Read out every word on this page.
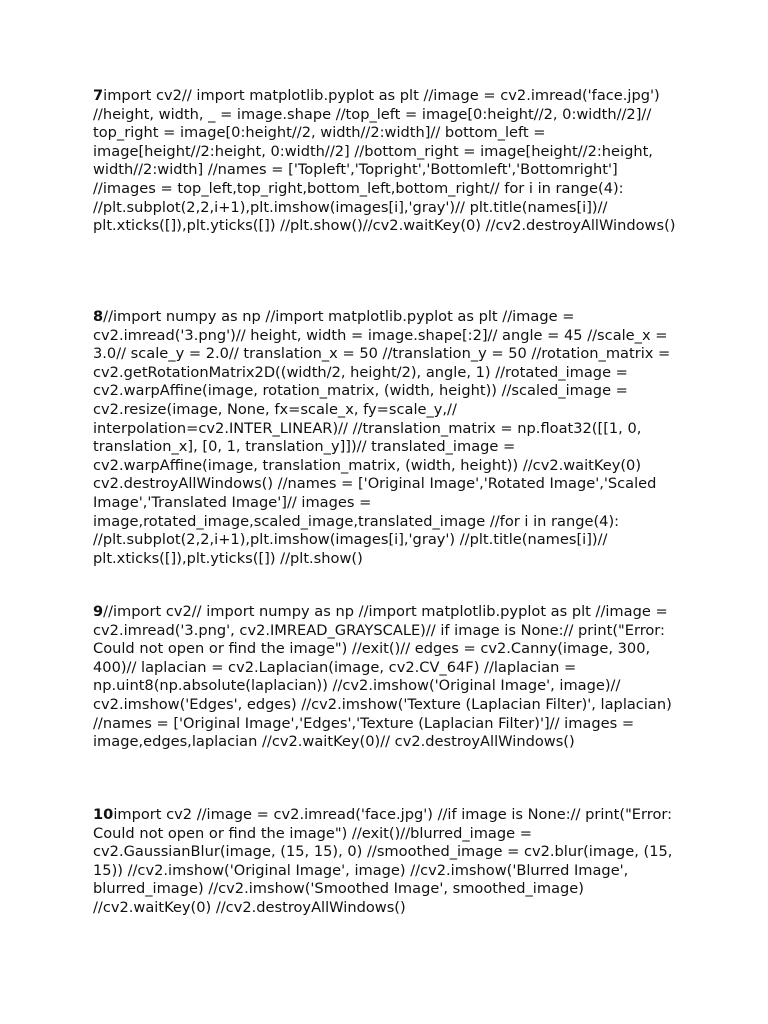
7import cv2// import matplotlib.pyplot as plt //image = cv2.imread('face.jpg') //height, width, _ = image.shape //top_left = image[0:height//2, 0:width//2]// top_right = image[0:height//2, width//2:width]// bottom_left = image[height//2:height, 0:width//2] //bottom_right = image[height//2:height, width//2:width] //names = ['Topleft','Topright','Bottomleft','Bottomright'] //images = top_left,top_right,bottom_left,bottom_right// for i in range(4): //plt.subplot(2,2,i+1),plt.imshow(images[i],'gray')// plt.title(names[i])// plt.xticks([]),plt.yticks([]) //plt.show()//cv2.waitKey(0) //cv2.destroyAllWindows()

8//import numpy as np //import matplotlib.pyplot as plt //image = cv2.imread('3.png')// height, width = image.shape[:2]// angle = 45 //scale_x = 3.0// scale_y = 2.0// translation_x = 50 //translation_y = 50 //rotation_matrix = cv2.getRotationMatrix2D((width/2, height/2), angle, 1) //rotated_image = cv2.warpAffine(image, rotation_matrix, (width, height)) //scaled_image = cv2.resize(image, None, fx=scale_x, fy=scale_y,// interpolation=cv2.INTER_LINEAR)// //translation_matrix = np.float32([[1, 0, translation_x], [0, 1, translation_y]])// translated_image = cv2.warpAffine(image, translation_matrix, (width, height)) //cv2.waitKey(0) cv2.destroyAllWindows() //names = ['Original Image','Rotated Image','Scaled Image','Translated Image']// images = image,rotated_image,scaled_image,translated_image //for i in range(4): //plt.subplot(2,2,i+1),plt.imshow(images[i],'gray') //plt.title(names[i])// plt.xticks([]),plt.yticks([]) //plt.show()

9//import cv2// import numpy as np //import matplotlib.pyplot as plt //image = cv2.imread('3.png', cv2.IMREAD_GRAYSCALE)// if image is None:// print("Error: Could not open or find the image") //exit()// edges = cv2.Canny(image, 300, 400)// laplacian = cv2.Laplacian(image, cv2.CV_64F) //laplacian = np.uint8(np.absolute(laplacian)) //cv2.imshow('Original Image', image)// cv2.imshow('Edges', edges) //cv2.imshow('Texture (Laplacian Filter)', laplacian) //names = ['Original Image','Edges','Texture (Laplacian Filter)']// images = image,edges,laplacian //cv2.waitKey(0)// cv2.destroyAllWindows()

10import cv2 //image = cv2.imread('face.jpg') //if image is None:// print("Error: Could not open or find the image") //exit()//blurred_image = cv2.GaussianBlur(image, (15, 15), 0) //smoothed_image = cv2.blur(image, (15, 15)) //cv2.imshow('Original Image', image) //cv2.imshow('Blurred Image', blurred_image) //cv2.imshow('Smoothed Image', smoothed_image) //cv2.waitKey(0) //cv2.destroyAllWindows()
